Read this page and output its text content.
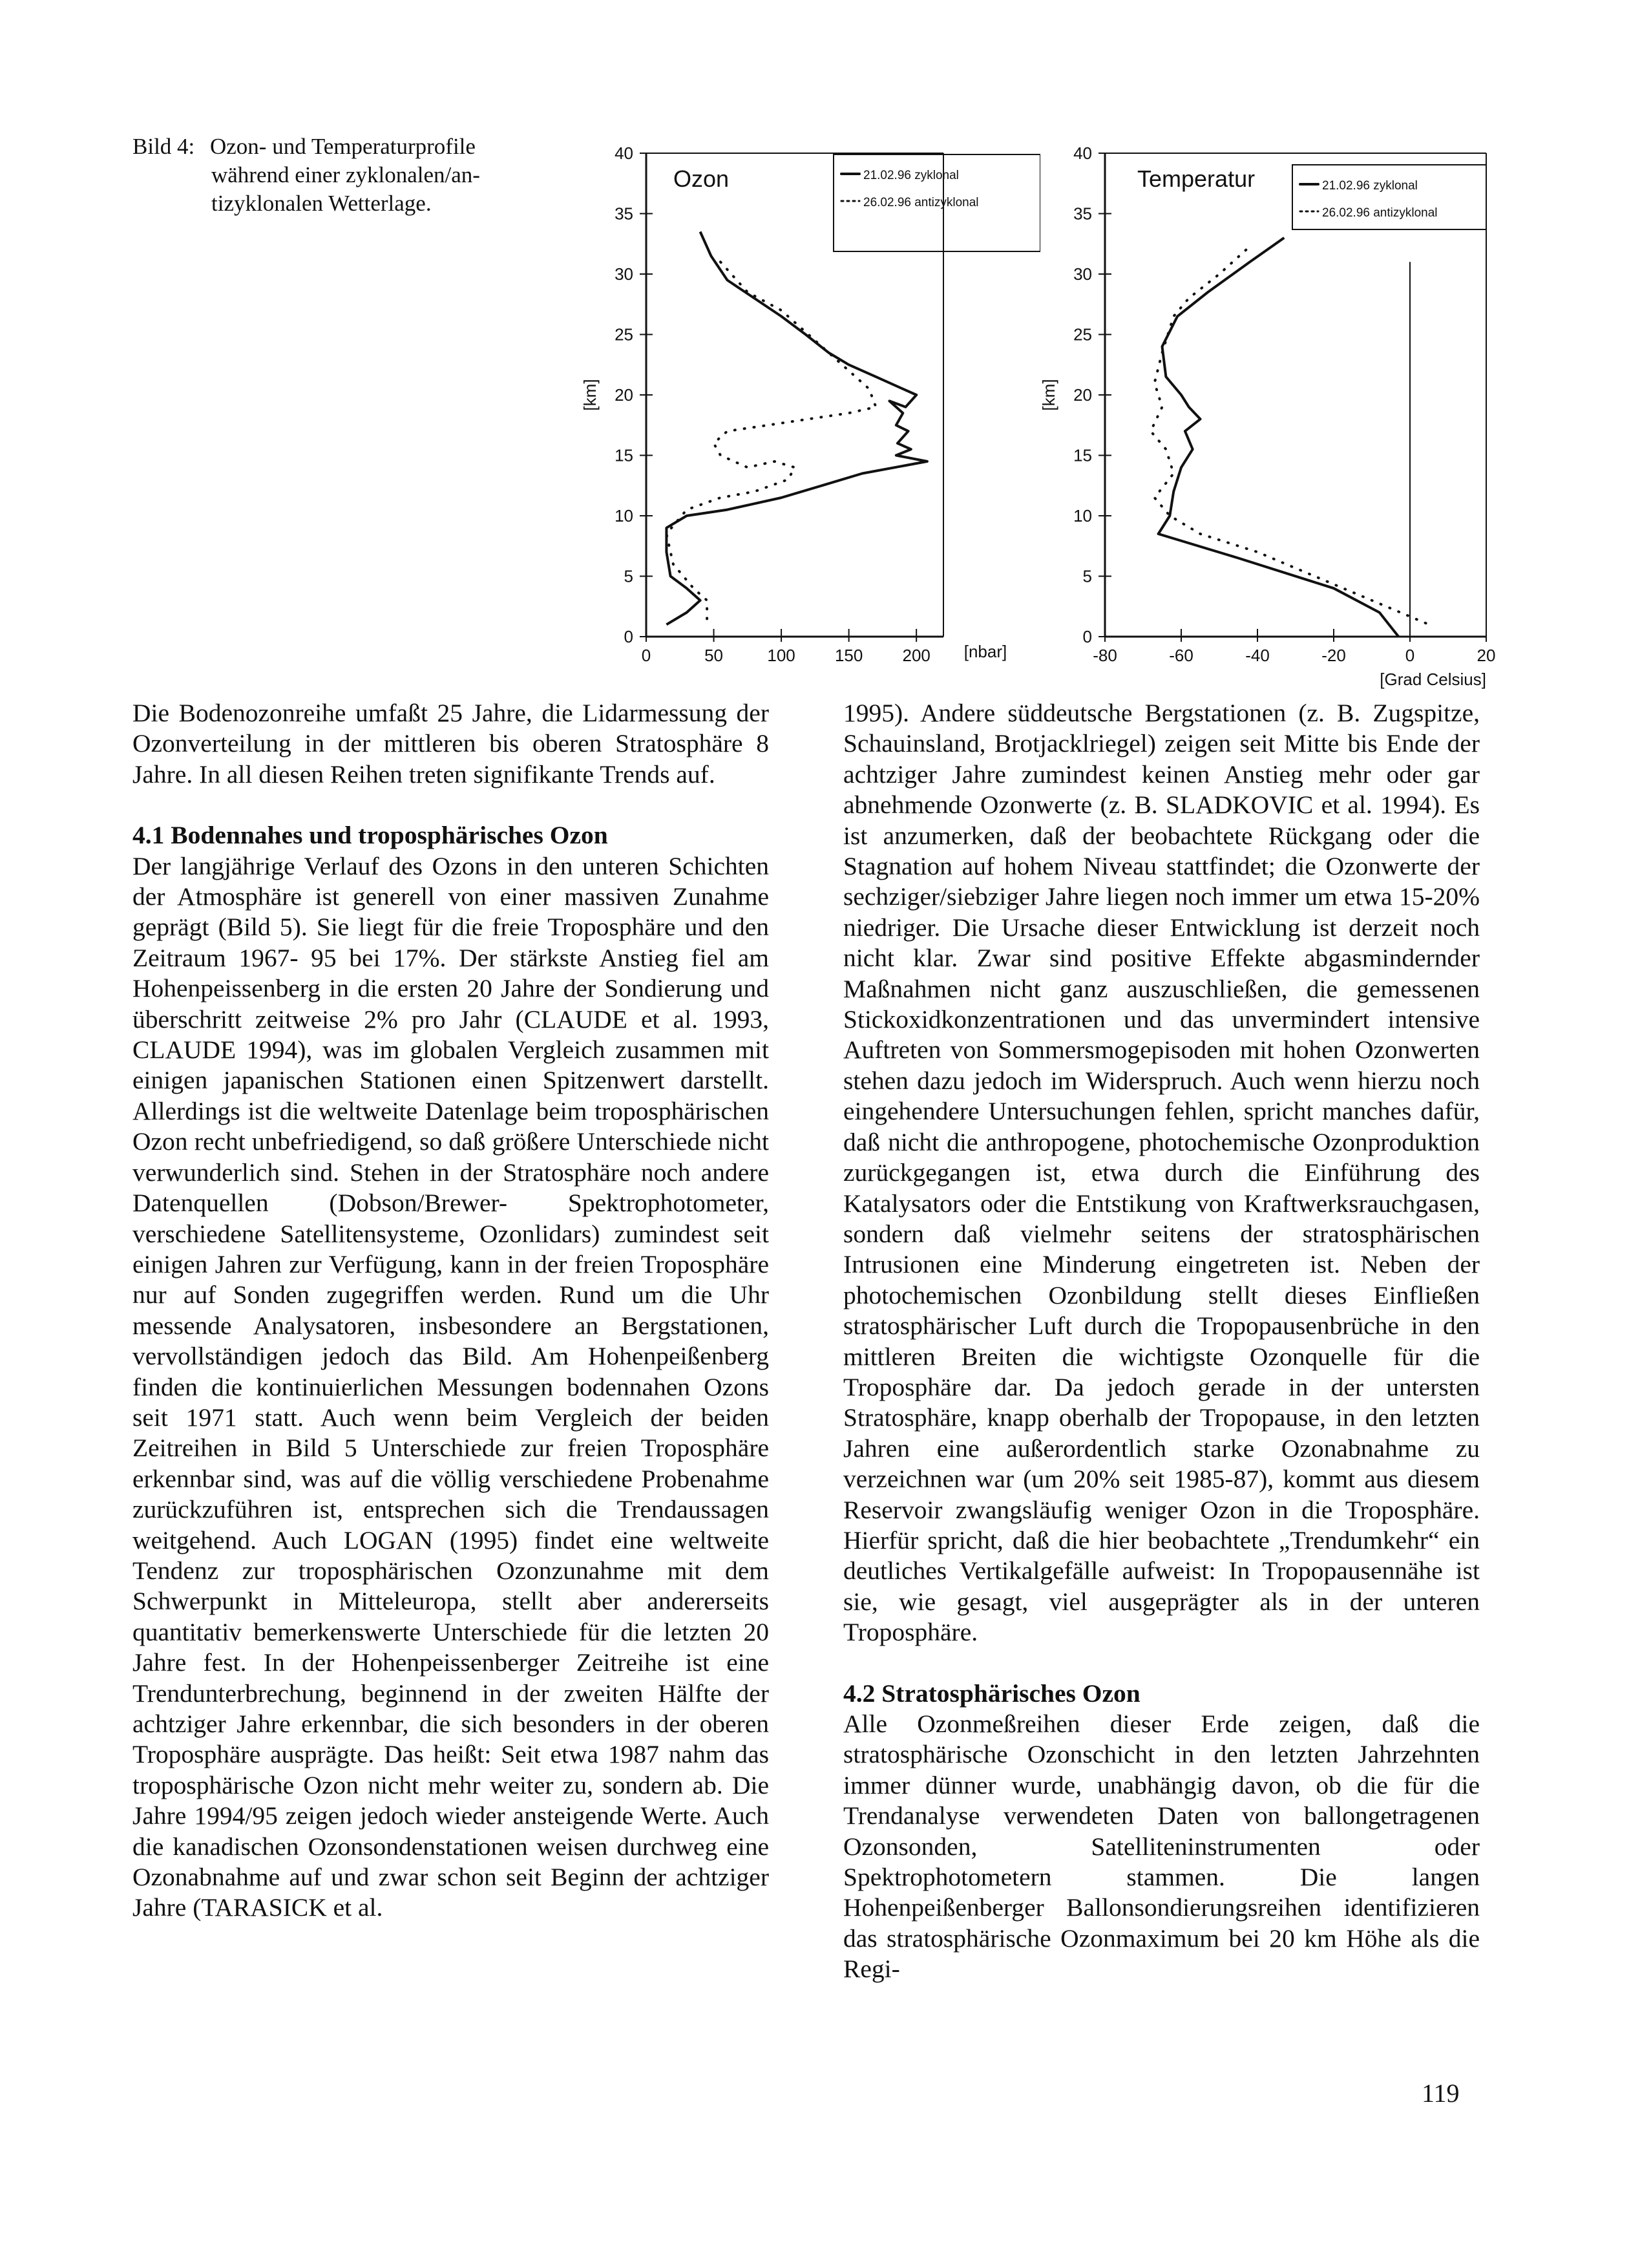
Bild 4: Ozon- und Temperaturprofile
während einer zyklonalen/an-
tizyklonalen Wetterlage.
0
5
10
15
20
25
30
35
40
0	50	100 150 200
[km]
[nbar]
Ozon	21.02.96 zyklonal
26.02.96 antizyklonal
0
5
10
15
20
25
30
35
40
-80	-60	-40	-20	0	20
[km]
[Grad Celsius]
Temperatur	21.02.96 zyklonal
26.02.96 antizyklonal

Die Bodenozonreihe umfaßt 25 Jahre, die Lidarmessung der Ozonverteilung in der mittleren bis oberen Stratosphäre 8 Jahre. In all diesen Reihen treten signifikante Trends auf.

4.1 Bodennahes und troposphärisches Ozon

Der langjährige Verlauf des Ozons in den unteren Schichten der Atmosphäre ist generell von einer massiven Zunahme geprägt (Bild 5). Sie liegt für die freie Troposphäre und den Zeitraum 1967- 95 bei 17%. Der stärkste Anstieg fiel am Hohenpeissenberg in die ersten 20 Jahre der Sondierung und überschritt zeitweise 2% pro Jahr (CLAUDE et al. 1993, CLAUDE 1994), was im globalen Vergleich zusammen mit einigen japanischen Stationen einen Spitzenwert darstellt. Allerdings ist die weltweite Datenlage beim troposphärischen Ozon recht unbefriedigend, so daß größere Unterschiede nicht verwunderlich sind. Stehen in der Stratosphäre noch andere Datenquellen (Dobson/Brewer- Spektrophotometer, verschiedene Satellitensysteme, Ozonlidars) zumindest seit einigen Jahren zur Verfügung, kann in der freien Troposphäre nur auf Sonden zugegriffen werden. Rund um die Uhr messende Analysatoren, insbesondere an Bergstationen, vervollständigen jedoch das Bild. Am Hohenpeißenberg finden die kontinuierlichen Messungen bodennahen Ozons seit 1971 statt. Auch wenn beim Vergleich der beiden Zeitreihen in Bild 5 Unterschiede zur freien Troposphäre erkennbar sind, was auf die völlig verschiedene Probenahme zurückzuführen ist, entsprechen sich die Trendaussagen weitgehend. Auch LOGAN (1995) findet eine weltweite Tendenz zur troposphärischen Ozonzunahme mit dem Schwerpunkt in Mitteleuropa, stellt aber andererseits quantitativ bemerkenswerte Unterschiede für die letzten 20 Jahre fest. In der Hohenpeissenberger Zeitreihe ist eine Trendunterbrechung, beginnend in der zweiten Hälfte der achtziger Jahre erkennbar, die sich besonders in der oberen Troposphäre ausprägte. Das heißt: Seit etwa 1987 nahm das troposphärische Ozon nicht mehr weiter zu, sondern ab. Die Jahre 1994/95 zeigen jedoch wieder ansteigende Werte. Auch die kanadischen Ozonsondenstationen weisen durchweg eine Ozonabnahme auf und zwar schon seit Beginn der achtziger Jahre (TARASICK et al.

1995). Andere süddeutsche Bergstationen (z. B. Zugspitze, Schauinsland, Brotjacklriegel) zeigen seit Mitte bis Ende der achtziger Jahre zumindest keinen Anstieg mehr oder gar abnehmende Ozonwerte (z. B. SLADKOVIC et al. 1994). Es ist anzumerken, daß der beobachtete Rückgang oder die Stagnation auf hohem Niveau stattfindet; die Ozonwerte der sechziger/siebziger Jahre liegen noch immer um etwa 15-20% niedriger. Die Ursache dieser Entwicklung ist derzeit noch nicht klar. Zwar sind positive Effekte abgasmindernder Maßnahmen nicht ganz auszuschließen, die gemessenen Stickoxidkonzentrationen und das unvermindert intensive Auftreten von Sommersmogepisoden mit hohen Ozonwerten stehen dazu jedoch im Widerspruch. Auch wenn hierzu noch eingehendere Untersuchungen fehlen, spricht manches dafür, daß nicht die anthropogene, photochemische Ozonproduktion zurückgegangen ist, etwa durch die Einführung des Katalysators oder die Entstikung von Kraftwerksrauchgasen, sondern daß vielmehr seitens der stratosphärischen Intrusionen eine Minderung eingetreten ist. Neben der photochemischen Ozonbildung stellt dieses Einfließen stratosphärischer Luft durch die Tropopausenbrüche in den mittleren Breiten die wichtigste Ozonquelle für die Troposphäre dar. Da jedoch gerade in der untersten Stratosphäre, knapp oberhalb der Tropopause, in den letzten Jahren eine außerordentlich starke Ozonabnahme zu verzeichnen war (um 20% seit 1985-87), kommt aus diesem Reservoir zwangsläufig weniger Ozon in die Troposphäre. Hierfür spricht, daß die hier beobachtete „Trendumkehr“ ein deutliches Vertikalgefälle aufweist: In Tropopausennähe ist sie, wie gesagt, viel ausgeprägter als in der unteren Troposphäre.

4.2 Stratosphärisches Ozon

Alle Ozonmeßreihen dieser Erde zeigen, daß die stratosphärische Ozonschicht in den letzten Jahrzehnten immer dünner wurde, unabhängig davon, ob die für die Trendanalyse verwendeten Daten von ballongetragenen Ozonsonden, Satelliteninstrumenten oder Spektrophotometern stammen. Die langen Hohenpeißenberger Ballonsondierungsreihen identifizieren das stratosphärische Ozonmaximum bei 20 km Höhe als die Regi-

119
